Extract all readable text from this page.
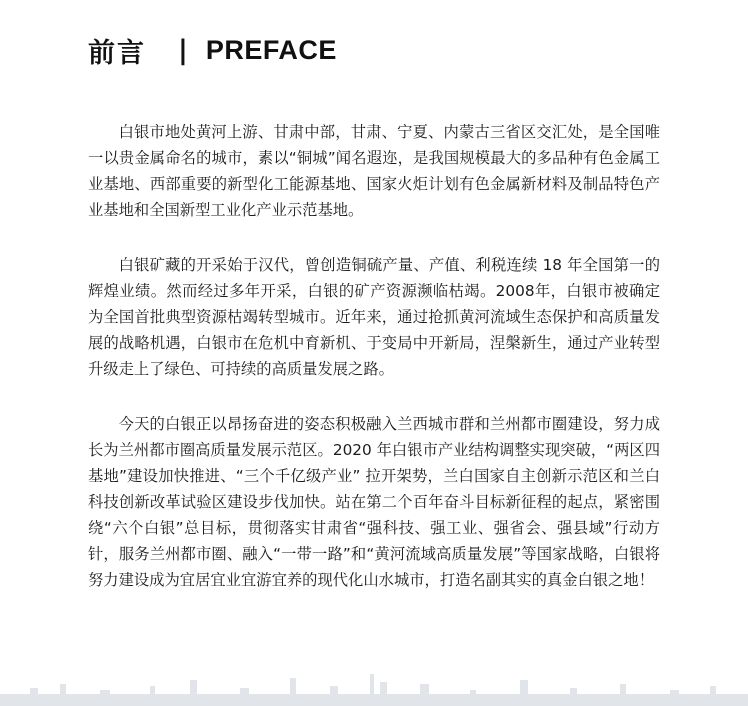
前言 | PREFACE

白银市地处黄河上游、甘肃中部，甘肃、宁夏、内蒙古三省区交汇处，是全国唯一以贵金属命名的城市，素以“铜城”闻名遐迩，是我国规模最大的多品种有色金属工业基地、西部重要的新型化工能源基地、国家火炬计划有色金属新材料及制品特色产业基地和全国新型工业化产业示范基地。

白银矿藏的开采始于汉代，曾创造铜硫产量、产值、利税连续 18 年全国第一的辉煌业绩。然而经过多年开采，白银的矿产资源濒临枯竭。2008年，白银市被确定为全国首批典型资源枯竭转型城市。近年来，通过抢抓黄河流域生态保护和高质量发展的战略机遇，白银市在危机中育新机、于变局中开新局，涅槃新生，通过产业转型升级走上了绿色、可持续的高质量发展之路。

今天的白银正以昂扬奋进的姿态积极融入兰西城市群和兰州都市圈建设，努力成长为兰州都市圈高质量发展示范区。2020 年白银市产业结构调整实现突破，“两区四基地”建设加快推进、“三个千亿级产业” 拉开架势，兰白国家自主创新示范区和兰白科技创新改革试验区建设步伐加快。站在第二个百年奋斗目标新征程的起点，紧密围绕“六个白银”总目标，贯彻落实甘肃省“强科技、强工业、强省会、强县域”行动方针，服务兰州都市圈、融入“一带一路”和“黄河流域高质量发展”等国家战略，白银将努力建设成为宜居宜业宜游宜养的现代化山水城市，打造名副其实的真金白银之地！
